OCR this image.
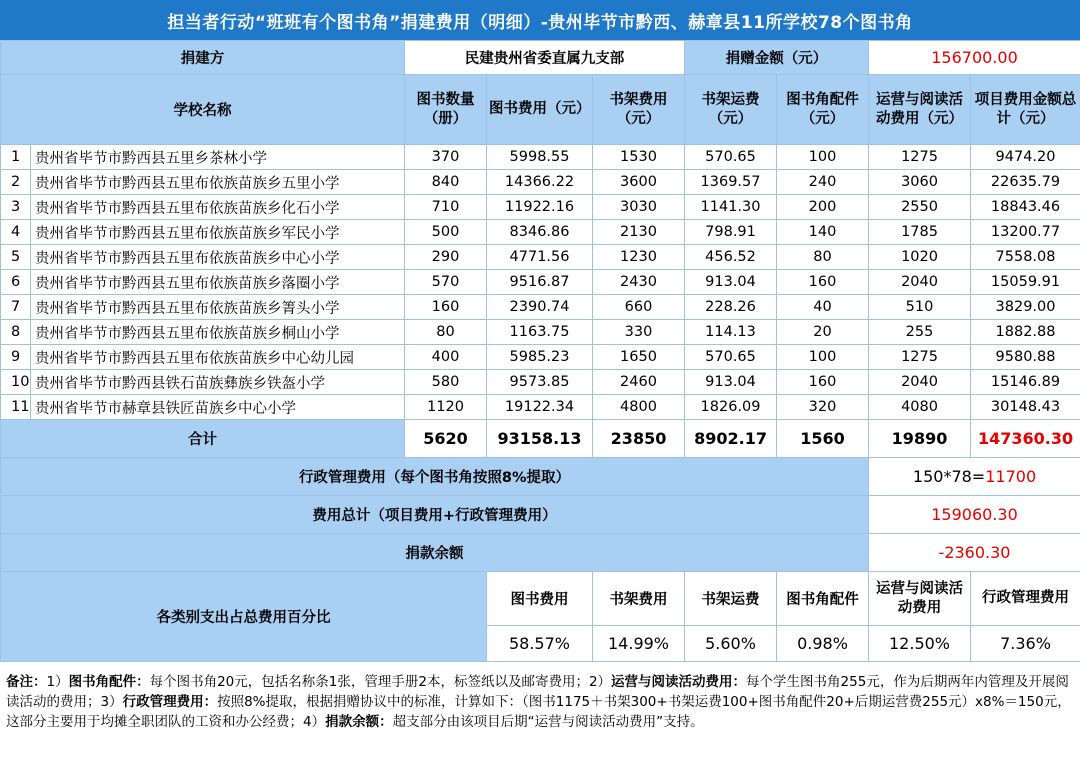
担当者行动“班班有个图书角”捐建费用（明细）-贵州毕节市黔西、赫章县11所学校78个图书角
捐建方		民建贵州省委直属九支部			捐赠金额（元）		156700.00	
学校名称		图书数量（册）	图书费用（元）	书架费用（元）	书架运费（元）	图书角配件（元）	运营与阅读活动费用（元）	项目费用金额总计（元）
1	贵州省毕节市黔西县五里乡茶林小学	370	5998.55	1530	570.65	100	1275	9474.20
2	贵州省毕节市黔西县五里布依族苗族乡五里小学	840	14366.22	3600	1369.57	240	3060	22635.79
3	贵州省毕节市黔西县五里布依族苗族乡化石小学	710	11922.16	3030	1141.30	200	2550	18843.46
4	贵州省毕节市黔西县五里布依族苗族乡军民小学	500	8346.86	2130	798.91	140	1785	13200.77
5	贵州省毕节市黔西县五里布依族苗族乡中心小学	290	4771.56	1230	456.52	80	1020	7558.08
6	贵州省毕节市黔西县五里布依族苗族乡落圈小学	570	9516.87	2430	913.04	160	2040	15059.91
7	贵州省毕节市黔西县五里布依族苗族乡箐头小学	160	2390.74	660	228.26	40	510	3829.00
8	贵州省毕节市黔西县五里布依族苗族乡桐山小学	80	1163.75	330	114.13	20	255	1882.88
9	贵州省毕节市黔西县五里布依族苗族乡中心幼儿园	400	5985.23	1650	570.65	100	1275	9580.88
10	贵州省毕节市黔西县铁石苗族彝族乡铁盔小学	580	9573.85	2460	913.04	160	2040	15146.89
11	贵州省毕节市赫章县铁匠苗族乡中心小学	1120	19122.34	4800	1826.09	320	4080	30148.43
合计		5620	93158.13	23850	8902.17	1560	19890	147360.30
行政管理费用（每个图书角按照8%提取）							150*78=11700	
费用总计（项目费用+行政管理费用）							159060.30	
捐款余额							-2360.30	
各类别支出占总费用百分比			图书费用	书架费用	书架运费	图书角配件	运营与阅读活动费用	行政管理费用
			58.57%	14.99%	5.60%	0.98%	12.50%	7.36%
备注：1）图书角配件：每个图书角20元，包括名称条1张，管理手册2本，标签纸以及邮寄费用；2）运营与阅读活动费用：每个学生图书角255元，作为后期两年内管理及开展阅读活动的费用；3）行政管理费用：按照8%提取，根据捐赠协议中的标准，计算如下：（图书1175＋书架300+书架运费100+图书角配件20+后期运营费255元）x8%＝150元，这部分主要用于均摊全职团队的工资和办公经费；4）捐款余额：超支部分由该项目后期“运营与阅读活动费用”支持。
